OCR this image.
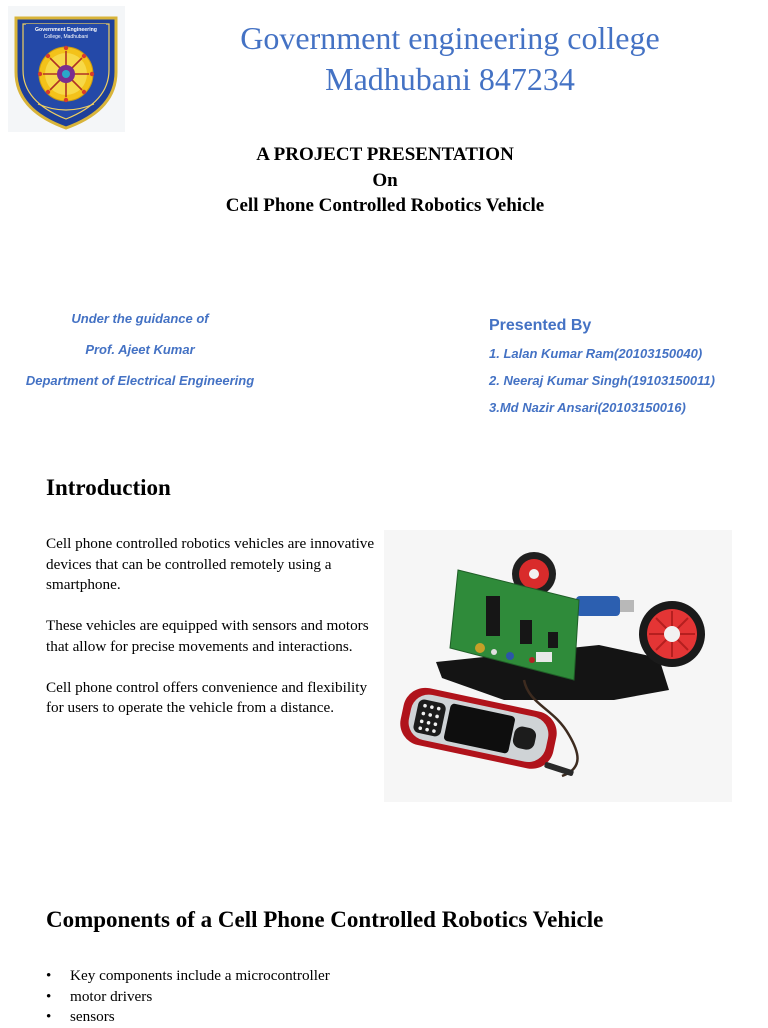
Government Engineering
College, Madhubani	Government engineering college
Madhubani 847234
A PROJECT PRESENTATION
On
Cell Phone Controlled Robotics Vehicle
Under the guidance of
Prof. Ajeet Kumar
Department of Electrical Engineering
Presented By
1. Lalan Kumar Ram(20103150040)
2. Neeraj Kumar Singh(19103150011)
3.Md Nazir Ansari(20103150016)
Introduction

Cell phone controlled robotics vehicles are innovative devices that can be controlled remotely using a smartphone.

These vehicles are equipped with sensors and motors that allow for precise movements and interactions.

Cell phone control offers convenience and flexibility for users to operate the vehicle from a distance.

Components of a Cell Phone Controlled Robotics Vehicle
• Key components include a microcontroller
• motor drivers
• sensors
